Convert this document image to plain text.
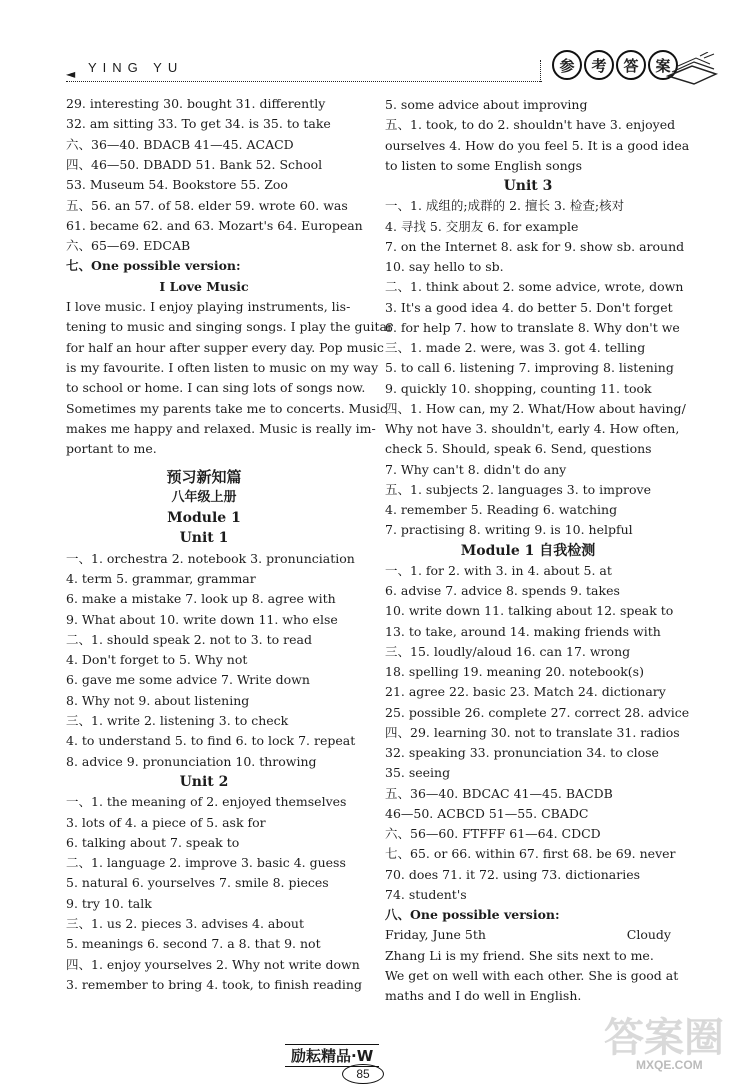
◄ YING YU	参	考	答	案
29. interesting 30. bought 31. differently
32. am sitting 33. To get 34. is 35. to take
六、36—40. BDACB 41—45. ACACD
四、46—50. DBADD 51. Bank 52. School
53. Museum 54. Bookstore 55. Zoo
五、56. an 57. of 58. elder 59. wrote 60. was
61. became 62. and 63. Mozart's 64. European
六、65—69. EDCAB
七、One possible version:
I Love Music
I love music. I enjoy playing instruments, lis-
tening to music and singing songs. I play the guitar
for half an hour after supper every day. Pop music
is my favourite. I often listen to music on my way
to school or home. I can sing lots of songs now.
Sometimes my parents take me to concerts. Music
makes me happy and relaxed. Music is really im-
portant to me.
预习新知篇
八年级上册
Module 1
Unit 1
一、1. orchestra 2. notebook 3. pronunciation
4. term 5. grammar, grammar
6. make a mistake 7. look up 8. agree with
9. What about 10. write down 11. who else
二、1. should speak 2. not to 3. to read
4. Don't forget to 5. Why not
6. gave me some advice 7. Write down
8. Why not 9. about listening
三、1. write 2. listening 3. to check
4. to understand 5. to find 6. to lock 7. repeat
8. advice 9. pronunciation 10. throwing
Unit 2
一、1. the meaning of 2. enjoyed themselves
3. lots of 4. a piece of 5. ask for
6. talking about 7. speak to
二、1. language 2. improve 3. basic 4. guess
5. natural 6. yourselves 7. smile 8. pieces
9. try 10. talk
三、1. us 2. pieces 3. advises 4. about
5. meanings 6. second 7. a 8. that 9. not
四、1. enjoy yourselves 2. Why not write down
3. remember to bring 4. took, to finish reading
5. some advice about improving
五、1. took, to do 2. shouldn't have 3. enjoyed
ourselves 4. How do you feel 5. It is a good idea
to listen to some English songs
Unit 3
一、1. 成组的;成群的 2. 擅长 3. 检查;核对
4. 寻找 5. 交朋友 6. for example
7. on the Internet 8. ask for 9. show sb. around
10. say hello to sb.
二、1. think about 2. some advice, wrote, down
3. It's a good idea 4. do better 5. Don't forget
6. for help 7. how to translate 8. Why don't we
三、1. made 2. were, was 3. got 4. telling
5. to call 6. listening 7. improving 8. listening
9. quickly 10. shopping, counting 11. took
四、1. How can, my 2. What/How about having/
Why not have 3. shouldn't, early 4. How often,
check 5. Should, speak 6. Send, questions
7. Why can't 8. didn't do any
五、1. subjects 2. languages 3. to improve
4. remember 5. Reading 6. watching
7. practising 8. writing 9. is 10. helpful
Module 1 自我检测
一、1. for 2. with 3. in 4. about 5. at
6. advise 7. advice 8. spends 9. takes
10. write down 11. talking about 12. speak to
13. to take, around 14. making friends with
三、15. loudly/aloud 16. can 17. wrong
18. spelling 19. meaning 20. notebook(s)
21. agree 22. basic 23. Match 24. dictionary
25. possible 26. complete 27. correct 28. advice
四、29. learning 30. not to translate 31. radios
32. speaking 33. pronunciation 34. to close
35. seeing
五、36—40. BDCAC 41—45. BACDB
46—50. ACBCD 51—55. CBADC
六、56—60. FTFFF 61—64. CDCD
七、65. or 66. within 67. first 68. be 69. never
70. does 71. it 72. using 73. dictionaries
74. student's
八、One possible version:
Friday, June 5th	Cloudy
Zhang Li is my friend. She sits next to me.
We get on well with each other. She is good at
maths and I do well in English.
励耘精品·W
85
答案圈
MXQE.COM
